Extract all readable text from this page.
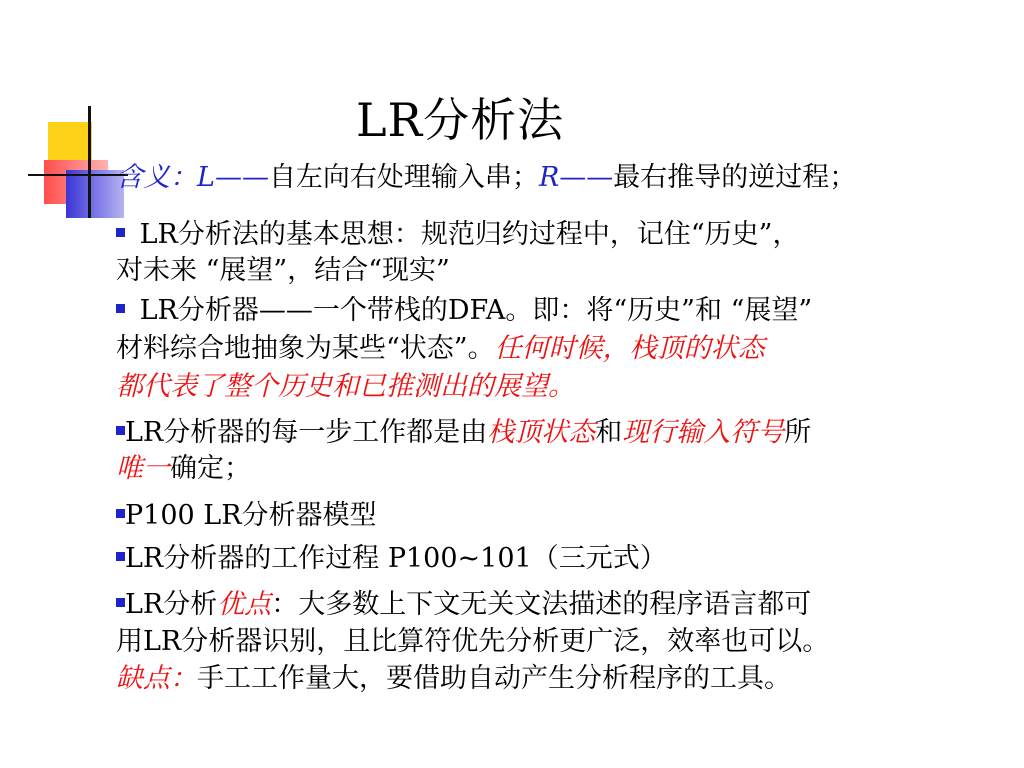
LR分析法
含义：L——自左向右处理输入串；R——最右推导的逆过程；
LR分析法的基本思想：规范归约过程中，记住“历史”，
对未来 “展望”，结合“现实”
LR分析器——一个带栈的DFA。即：将“历史”和 “展望”
材料综合地抽象为某些“状态”。任何时候，栈顶的状态
都代表了整个历史和已推测出的展望。
LR分析器的每一步工作都是由栈顶状态和现行输入符号所
唯一确定；
P100 LR分析器模型
LR分析器的工作过程 P100~101（三元式）
LR分析优点：大多数上下文无关文法描述的程序语言都可
用LR分析器识别，且比算符优先分析更广泛，效率也可以。
缺点：手工工作量大，要借助自动产生分析程序的工具。
